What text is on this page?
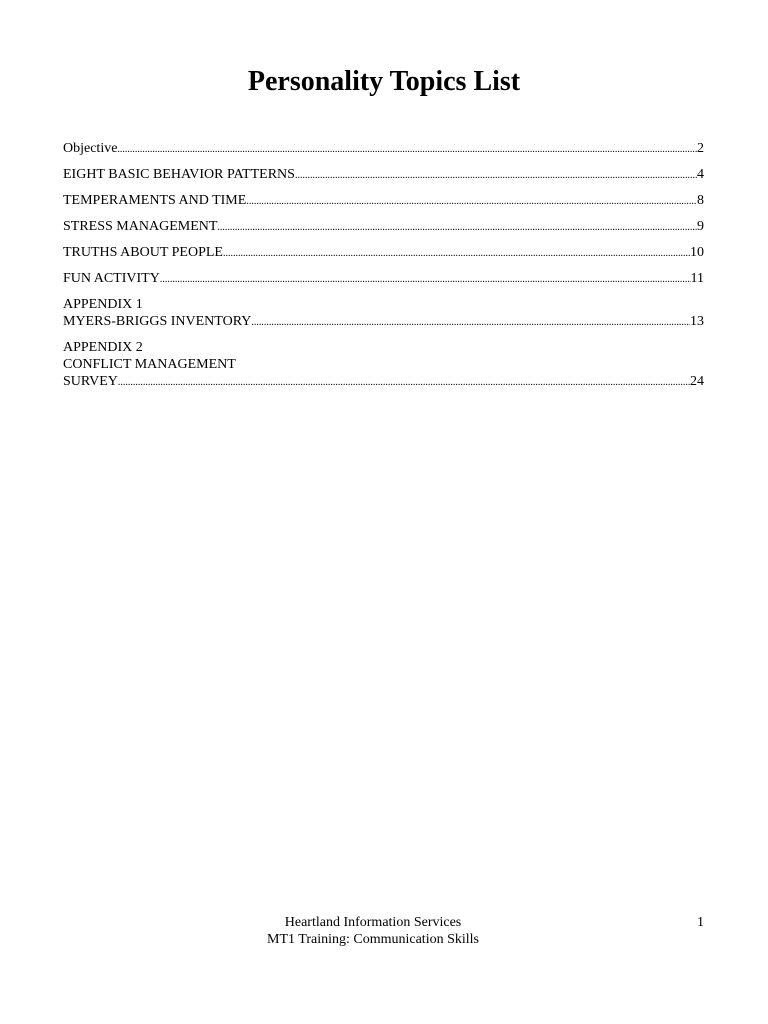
Personality Topics List
Objective .....	2
EIGHT BASIC BEHAVIOR PATTERNS .....	4
TEMPERAMENTS AND TIME .....	8
STRESS MANAGEMENT .....	9
TRUTHS ABOUT PEOPLE .....	10
FUN ACTIVITY .....	11
APPENDIX 1
MYERS-BRIGGS INVENTORY .....	13
APPENDIX 2
CONFLICT MANAGEMENT
SURVEY .....	24
Heartland Information Services
MT1 Training: Communication Skills
1
